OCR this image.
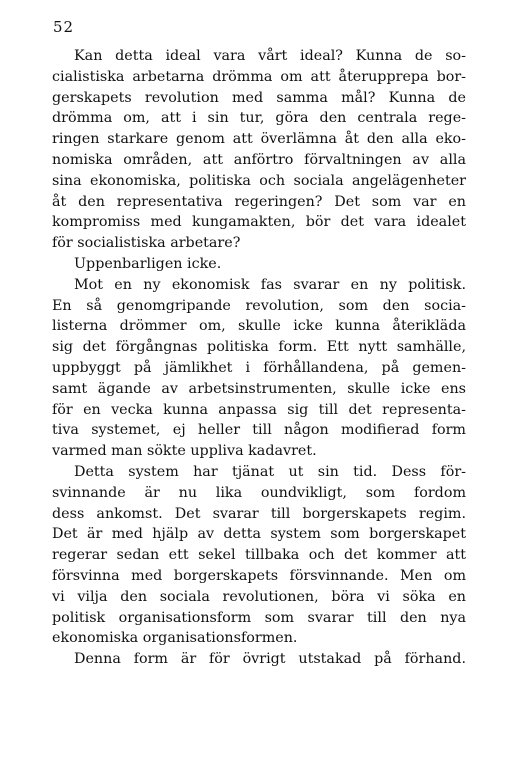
52
Kan detta ideal vara vårt ideal? Kunna de so-
cialistiska arbetarna drömma om att återupprepa bor-
gerskapets revolution med samma mål? Kunna de
drömma om, att i sin tur, göra den centrala rege-
ringen starkare genom att överlämna åt den alla eko-
nomiska områden, att anförtro förvaltningen av alla
sina ekonomiska, politiska och sociala angelägenheter
åt den representativa regeringen? Det som var en
kompromiss med kungamakten, bör det vara idealet
för socialistiska arbetare?
Uppenbarligen icke.
Mot en ny ekonomisk fas svarar en ny politisk.
En så genomgripande revolution, som den socia-
listerna drömmer om, skulle icke kunna återikläda
sig det förgångnas politiska form. Ett nytt samhälle,
uppbyggt på jämlikhet i förhållandena, på gemen-
samt ägande av arbetsinstrumenten, skulle icke ens
för en vecka kunna anpassa sig till det representa-
tiva systemet, ej heller till någon modifierad form
varmed man sökte uppliva kadavret.
Detta system har tjänat ut sin tid. Dess för-
svinnande är nu lika oundvikligt, som fordom
dess ankomst. Det svarar till borgerskapets regim.
Det är med hjälp av detta system som borgerskapet
regerar sedan ett sekel tillbaka och det kommer att
försvinna med borgerskapets försvinnande. Men om
vi vilja den sociala revolutionen, böra vi söka en
politisk organisationsform som svarar till den nya
ekonomiska organisationsformen.
Denna form är för övrigt utstakad på förhand.
